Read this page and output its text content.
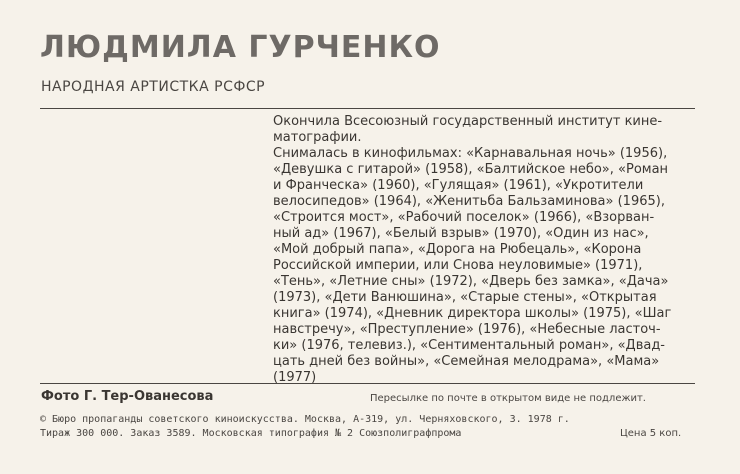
ЛЮДМИЛА ГУРЧЕНКО
НАРОДНАЯ АРТИСТКА РСФСР

Окончила Всесоюзный государственный институт кине-

матографии.

Снималась в кинофильмах: «Карнавальная ночь» (1956),

«Девушка с гитарой» (1958), «Балтийское небо», «Роман

и Франческа» (1960), «Гулящая» (1961), «Укротители

велосипедов» (1964), «Женитьба Бальзаминова» (1965),

«Строится мост», «Рабочий поселок» (1966), «Взорван-

ный ад» (1967), «Белый взрыв» (1970), «Один из нас»,

«Мой добрый папа», «Дорога на Рюбецаль», «Корона

Российской империи, или Снова неуловимые» (1971),

«Тень», «Летние сны» (1972), «Дверь без замка», «Дача»

(1973), «Дети Ванюшина», «Старые стены», «Открытая

книга» (1974), «Дневник директора школы» (1975), «Шаг

навстречу», «Преступление» (1976), «Небесные ласточ-

ки» (1976, телевиз.), «Сентиментальный роман», «Двад-

цать дней без войны», «Семейная мелодрама», «Мама»

(1977)

Фото Г. Тер-Ованесова	Пересылке по почте в открытом виде не подлежит.
© Бюро пропаганды советского киноискусства. Москва, А-319, ул. Черняховского, 3. 1978 г.
Тираж 300 000. Заказ 3589. Московская типография № 2 Союзполиграфпрома	Цена 5 коп.
